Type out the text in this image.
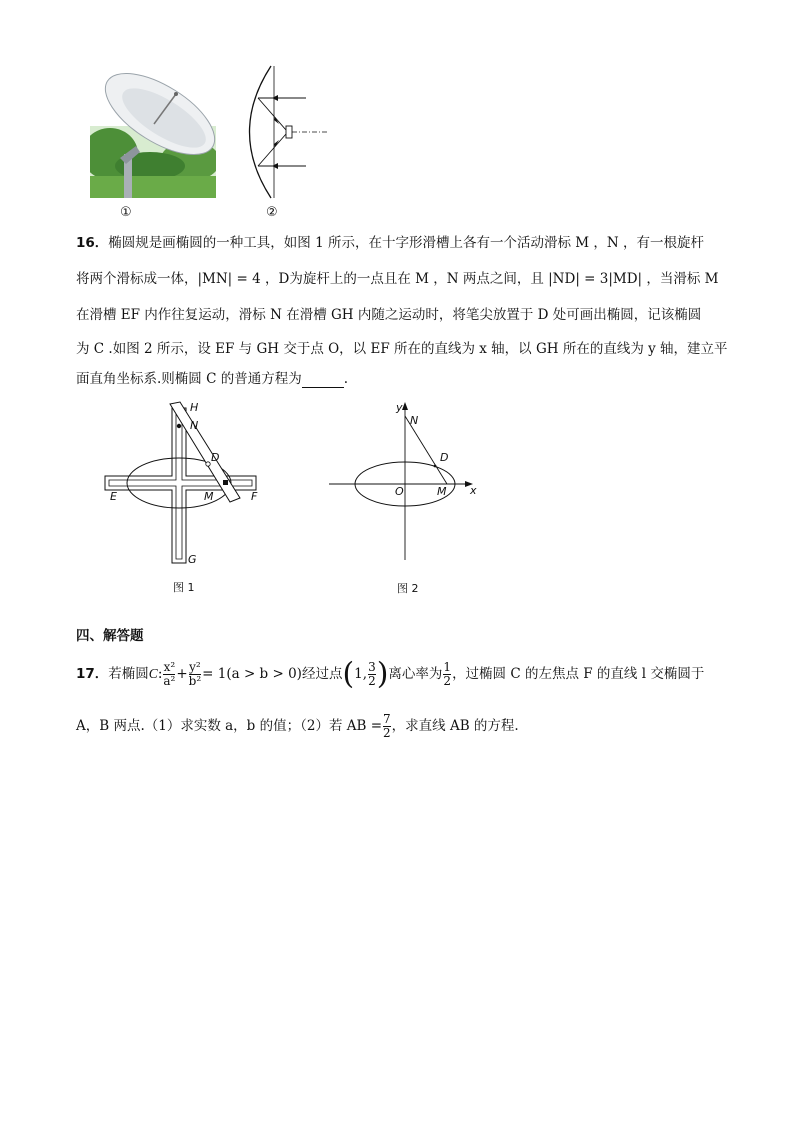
①	②
16．椭圆规是画椭圆的一种工具，如图 1 所示，在十字形滑槽上各有一个活动滑标 M ，N ，有一根旋杆
将两个滑标成一体，|MN| = 4 ，D为旋杆上的一点且在 M ，N 两点之间，且 |ND| = 3|MD| ，当滑标 M
在滑槽 EF 内作往复运动，滑标 N 在滑槽 GH 内随之运动时，将笔尖放置于 D 处可画出椭圆，记该椭圆
为 C .如图 2 所示，设 EF 与 GH 交于点 O，以 EF 所在的直线为 x 轴，以 GH 所在的直线为 y 轴，建立平
面直角坐标系.则椭圆 C 的普通方程为	.
H
N
D
E	M	F
G
图 1
y
N
D
O	M x
图 2
四、解答题
17．若椭圆C: $\frac{\text{x²}}{\text{a²}} + \frac{\text{y²}}{\text{b²}} = 1(a > b > 0)$经过点(1, $\frac{3}{2}$ )离心率为 $\frac{1}{2}$ ，过椭圆 C 的左焦点 F 的直线 l 交椭圆于
A，B 两点.（1）求实数 a，b 的值；（2）若 AB = $\frac{7}{2}$ ，求直线 AB 的方程.
